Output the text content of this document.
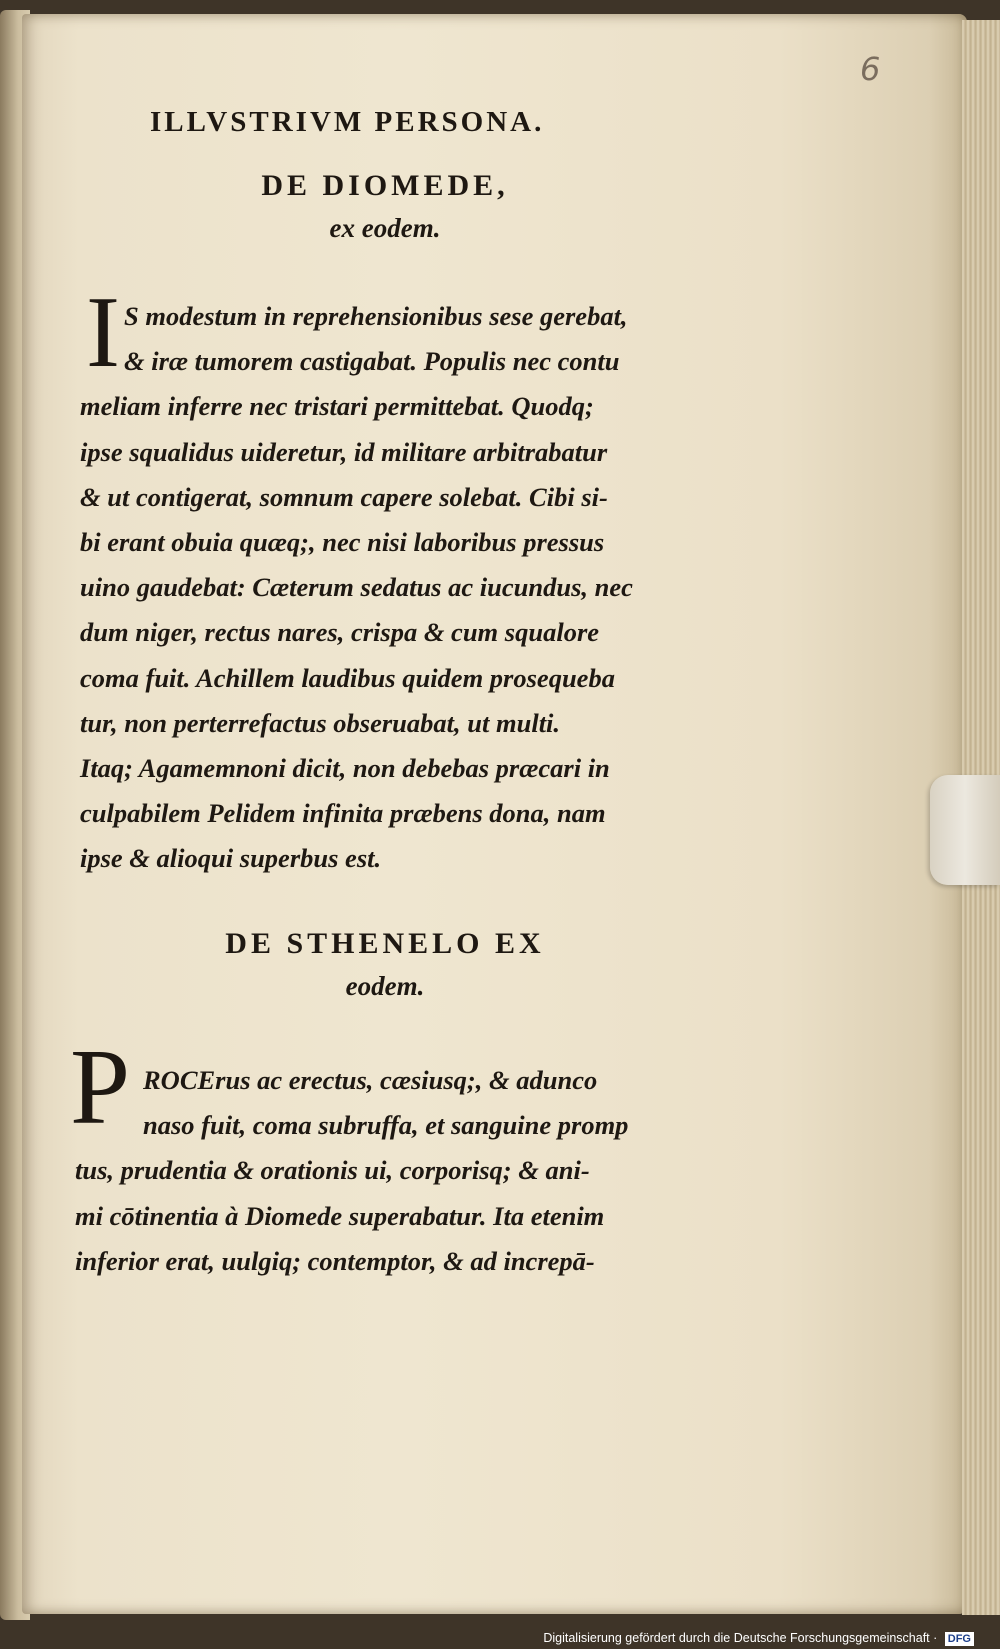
6
ILLVSTRIVM PERSONA.
DE DIOMEDE,
ex eodem.
I S modestum in reprehensionibus sese gerebat,
& iræ tumorem castigabat. Populis nec contu
meliam inferre nec tristari permittebat. Quodq;
ipse squalidus uideretur, id militare arbitrabatur
& ut contigerat, somnum capere solebat. Cibi si-
bi erant obuia quæq;, nec nisi laboribus pressus
uino gaudebat: Cæterum sedatus ac iucundus, nec
dum niger, rectus nares, crispa & cum squalore
coma fuit. Achillem laudibus quidem prosequeba
tur, non perterrefactus obseruabat, ut multi.
Itaq; Agamemnoni dicit, non debebas præcari in
culpabilem Pelidem infinita præbens dona, nam
ipse & alioqui superbus est.
DE STHENELO EX
eodem.
P ROCErus ac erectus, cæsiusq;, & adunco
naso fuit, coma subruffa, et sanguine promp
tus, prudentia & orationis ui, corporisq; & ani-
mi cōtinentia à Diomede superabatur. Ita etenim
inferior erat, uulgiq; contemptor, & ad increpā-
Digitalisierung gefördert durch die Deutsche Forschungsgemeinschaft · DFG
